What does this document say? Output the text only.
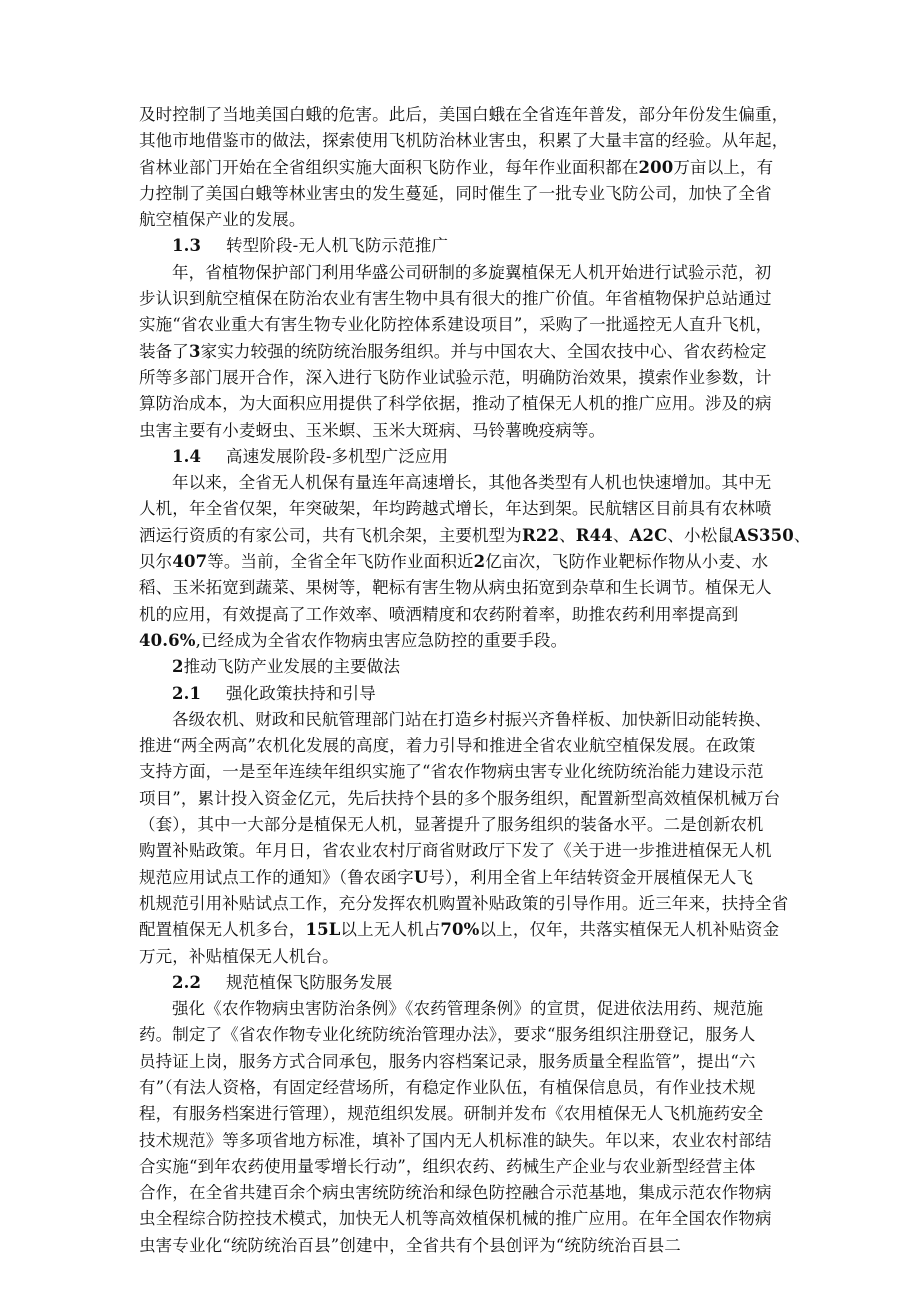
及时控制了当地美国白蛾的危害。此后，美国白蛾在全省连年普发，部分年份发生偏重，
其他市地借鉴市的做法，探索使用飞机防治林业害虫，积累了大量丰富的经验。从年起，
省林业部门开始在全省组织实施大面积飞防作业，每年作业面积都在200万亩以上，有
力控制了美国白蛾等林业害虫的发生蔓延，同时催生了一批专业飞防公司，加快了全省
航空植保产业的发展。
1.3 转型阶段-无人机飞防示范推广
年，省植物保护部门利用华盛公司研制的多旋翼植保无人机开始进行试验示范，初
步认识到航空植保在防治农业有害生物中具有很大的推广价值。年省植物保护总站通过
实施“省农业重大有害生物专业化防控体系建设项目”，采购了一批遥控无人直升飞机，
装备了3家实力较强的统防统治服务组织。并与中国农大、全国农技中心、省农药检定
所等多部门展开合作，深入进行飞防作业试验示范，明确防治效果，摸索作业参数，计
算防治成本，为大面积应用提供了科学依据，推动了植保无人机的推广应用。涉及的病
虫害主要有小麦蚜虫、玉米螟、玉米大斑病、马铃薯晚疫病等。
1.4 高速发展阶段-多机型广泛应用
年以来，全省无人机保有量连年高速增长，其他各类型有人机也快速增加。其中无
人机，年全省仅架，年突破架，年均跨越式增长，年达到架。民航辖区目前具有农林喷
洒运行资质的有家公司，共有飞机余架，主要机型为R22、R44、A2C、小松鼠AS350、
贝尔407等。当前，全省全年飞防作业面积近2亿亩次，飞防作业靶标作物从小麦、水
稻、玉米拓宽到蔬菜、果树等，靶标有害生物从病虫拓宽到杂草和生长调节。植保无人
机的应用，有效提高了工作效率、喷洒精度和农药附着率，助推农药利用率提高到
40.6%,已经成为全省农作物病虫害应急防控的重要手段。
2推动飞防产业发展的主要做法
2.1 强化政策扶持和引导
各级农机、财政和民航管理部门站在打造乡村振兴齐鲁样板、加快新旧动能转换、
推进“两全两高”农机化发展的高度，着力引导和推进全省农业航空植保发展。在政策
支持方面，一是至年连续年组织实施了“省农作物病虫害专业化统防统治能力建设示范
项目”，累计投入资金亿元，先后扶持个县的多个服务组织，配置新型高效植保机械万台
（套），其中一大部分是植保无人机，显著提升了服务组织的装备水平。二是创新农机
购置补贴政策。年月日，省农业农村厅商省财政厅下发了《关于进一步推进植保无人机
规范应用试点工作的通知》（鲁农函字U号），利用全省上年结转资金开展植保无人飞
机规范引用补贴试点工作，充分发挥农机购置补贴政策的引导作用。近三年来，扶持全省
配置植保无人机多台，15L以上无人机占70%以上，仅年，共落实植保无人机补贴资金
万元，补贴植保无人机台。
2.2 规范植保飞防服务发展
强化《农作物病虫害防治条例》《农药管理条例》的宣贯，促进依法用药、规范施
药。制定了《省农作物专业化统防统治管理办法》，要求“服务组织注册登记，服务人
员持证上岗，服务方式合同承包，服务内容档案记录，服务质量全程监管”，提出“六
有”（有法人资格，有固定经营场所，有稳定作业队伍，有植保信息员，有作业技术规
程，有服务档案进行管理），规范组织发展。研制并发布《农用植保无人飞机施药安全
技术规范》等多项省地方标准，填补了国内无人机标准的缺失。年以来，农业农村部结
合实施“到年农药使用量零增长行动”，组织农药、药械生产企业与农业新型经营主体
合作，在全省共建百余个病虫害统防统治和绿色防控融合示范基地，集成示范农作物病
虫全程综合防控技术模式，加快无人机等高效植保机械的推广应用。在年全国农作物病
虫害专业化“统防统治百县”创建中，全省共有个县创评为“统防统治百县二
